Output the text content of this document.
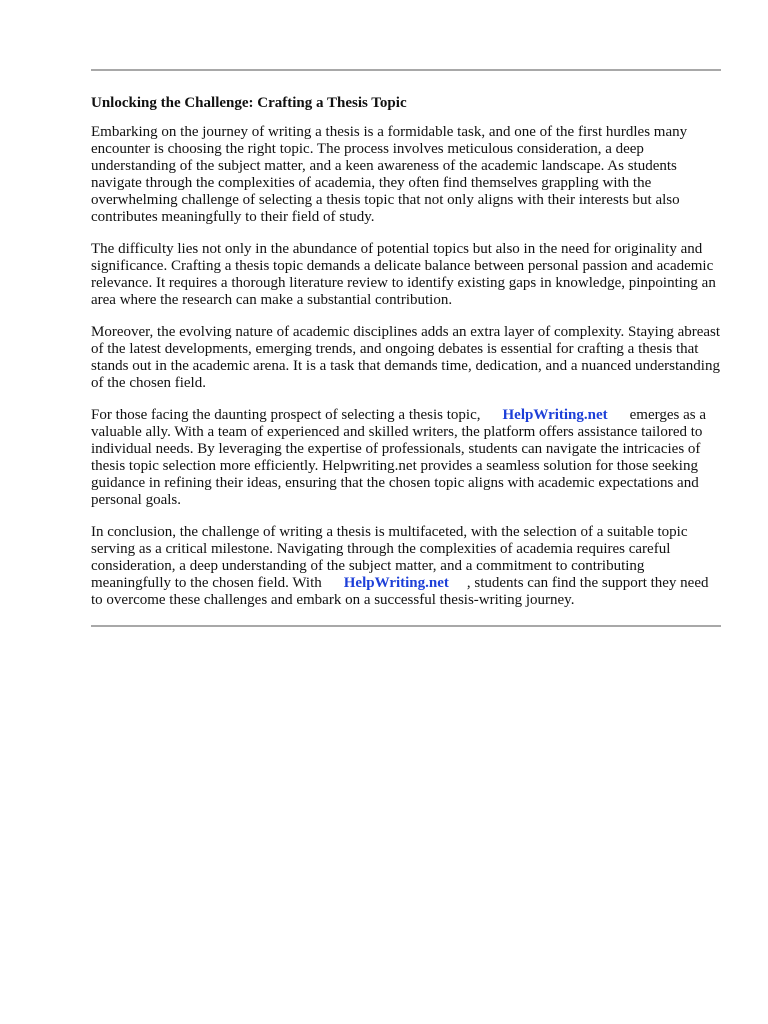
Unlocking the Challenge: Crafting a Thesis Topic

Embarking on the journey of writing a thesis is a formidable task, and one of the first hurdles many encounter is choosing the right topic. The process involves meticulous consideration, a deep understanding of the subject matter, and a keen awareness of the academic landscape. As students navigate through the complexities of academia, they often find themselves grappling with the overwhelming challenge of selecting a thesis topic that not only aligns with their interests but also contributes meaningfully to their field of study.

The difficulty lies not only in the abundance of potential topics but also in the need for originality and significance. Crafting a thesis topic demands a delicate balance between personal passion and academic relevance. It requires a thorough literature review to identify existing gaps in knowledge, pinpointing an area where the research can make a substantial contribution.

Moreover, the evolving nature of academic disciplines adds an extra layer of complexity. Staying abreast of the latest developments, emerging trends, and ongoing debates is essential for crafting a thesis that stands out in the academic arena. It is a task that demands time, dedication, and a nuanced understanding of the chosen field.

For those facing the daunting prospect of selecting a thesis topic, HelpWriting.net emerges as a valuable ally. With a team of experienced and skilled writers, the platform offers assistance tailored to individual needs. By leveraging the expertise of professionals, students can navigate the intricacies of thesis topic selection more efficiently. Helpwriting.net provides a seamless solution for those seeking guidance in refining their ideas, ensuring that the chosen topic aligns with academic expectations and personal goals.

In conclusion, the challenge of writing a thesis is multifaceted, with the selection of a suitable topic serving as a critical milestone. Navigating through the complexities of academia requires careful consideration, a deep understanding of the subject matter, and a commitment to contributing meaningfully to the chosen field. With HelpWriting.net , students can find the support they need to overcome these challenges and embark on a successful thesis-writing journey.
